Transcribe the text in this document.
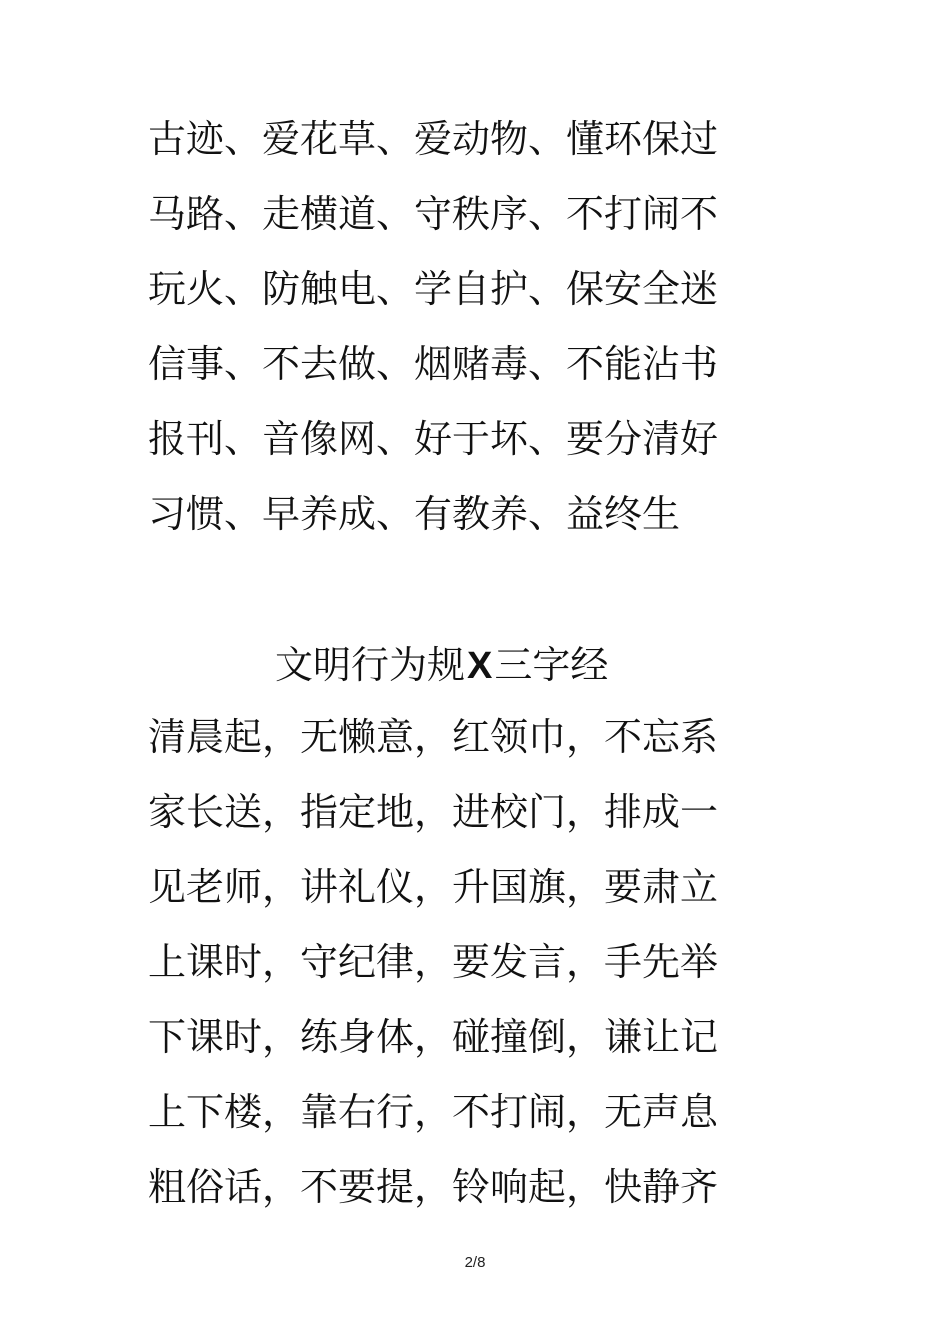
古迹、爱花草、爱动物、懂环保过
马路、走横道、守秩序、不打闹不
玩火、防触电、学自护、保安全迷
信事、不去做、烟赌毒、不能沾书
报刊、音像网、好于坏、要分清好
习惯、早养成、有教养、益终生
文明行为规X三字经
清晨起，无懒意，红领巾，不忘系
家长送，指定地，进校门，排成一
见老师，讲礼仪，升国旗，要肃立
上课时，守纪律，要发言，手先举
下课时，练身体，碰撞倒，谦让记
上下楼，靠右行，不打闹，无声息
粗俗话，不要提，铃响起，快静齐
2/8
